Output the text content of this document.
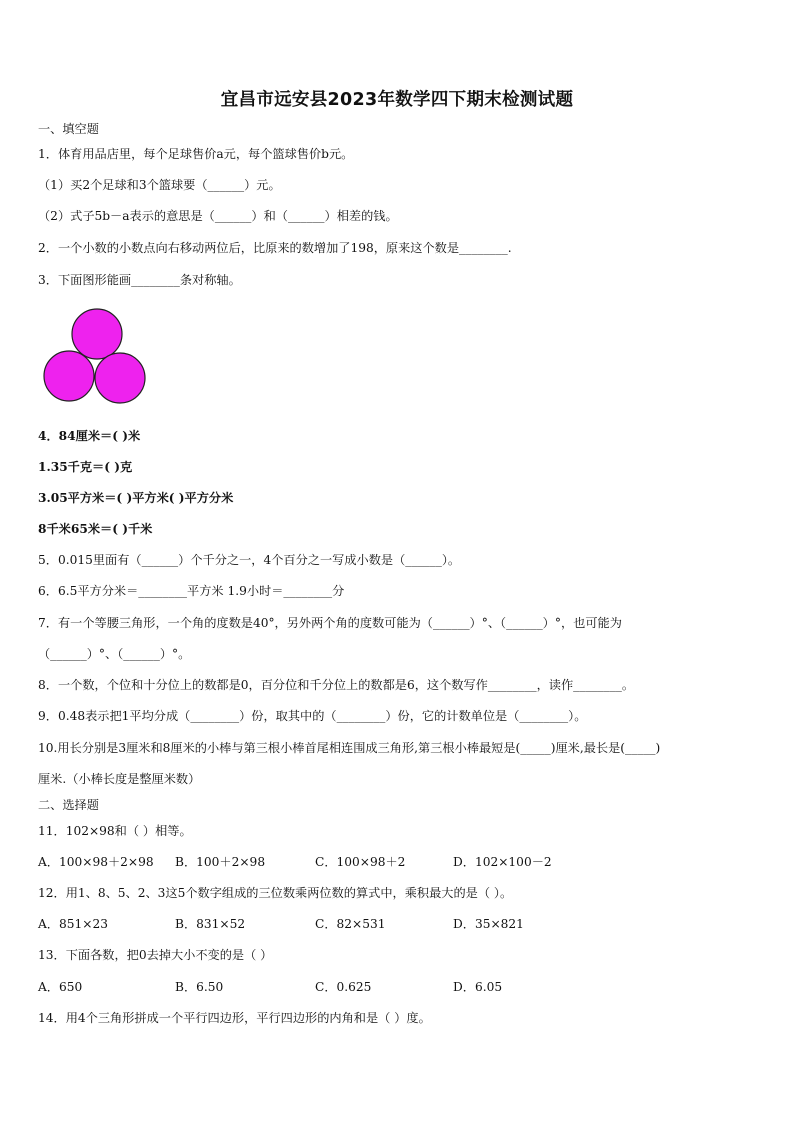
宜昌市远安县2023年数学四下期末检测试题
一、填空题
1．体育用品店里，每个足球售价a元，每个篮球售价b元。
（1）买2个足球和3个篮球要（______）元。
（2）式子5b－a表示的意思是（______）和（______）相差的钱。
2．一个小数的小数点向右移动两位后，比原来的数增加了198，原来这个数是________.
3．下面图形能画________条对称轴。
4．84厘米＝( )米
1.35千克＝( )克
3.05平方米＝( )平方米( )平方分米
8千米65米＝( )千米
5．0.015里面有（______）个千分之一，4个百分之一写成小数是（______）。
6．6.5平方分米＝________平方米 1.9小时＝________分
7．有一个等腰三角形，一个角的度数是40°，另外两个角的度数可能为（______）°、（______）°，也可能为
（______）°、（______）°。
8．一个数，个位和十分位上的数都是0，百分位和千分位上的数都是6，这个数写作________，读作________。
9．0.48表示把1平均分成（________）份，取其中的（________）份，它的计数单位是（________）。
10.用长分别是3厘米和8厘米的小棒与第三根小棒首尾相连围成三角形,第三根小棒最短是(_____)厘米,最长是(_____)
厘米.（小棒长度是整厘米数）
二、选择题
11．102×98和（ ）相等。
A．100×98＋2×98 B．100＋2×98	C．100×98＋2	D．102×100－2
12．用1、8、5、2、3这5个数字组成的三位数乘两位数的算式中，乘积最大的是（ ）。
A．851×23	B．831×52	C．82×531	D．35×821
13．下面各数，把0去掉大小不变的是（ ）
A．650	B．6.50	C．0.625	D．6.05
14．用4个三角形拼成一个平行四边形，平行四边形的内角和是（ ）度。
